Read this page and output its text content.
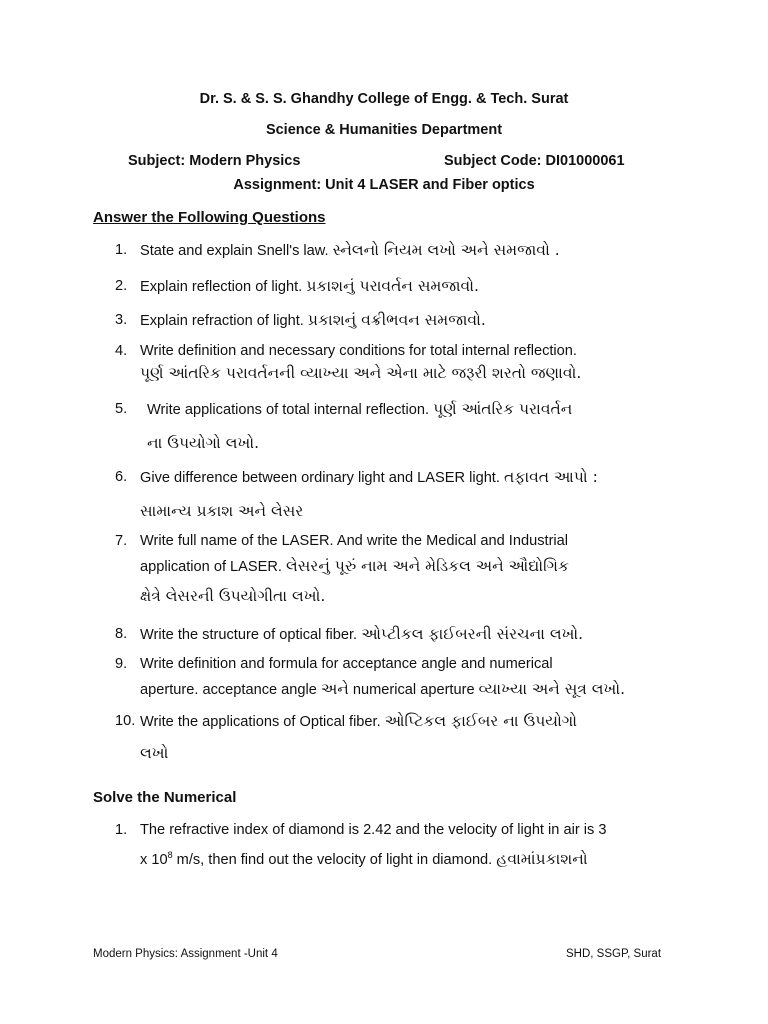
Dr. S. & S. S. Ghandhy College of Engg. & Tech. Surat
Science & Humanities Department
Subject: Modern Physics	Subject Code: DI01000061
Assignment: Unit 4 LASER and Fiber optics
Answer the Following Questions
1. State and explain Snell's law. સ્નેલનો નિયમ લખો અને સમજાવો .
2. Explain reflection of light. પ્રકાશનું પરાવર્તન સમજાવો.
3. Explain refraction of light. પ્રકાશનું વક્રીભવન સમજાવો.
4. Write definition and necessary conditions for total internal reflection.
પૂર્ણ આંતરિક પરાવર્તનની વ્યાખ્યા અને એના માટે જરૂરી શરતો જણાવો.
5. Write applications of total internal reflection. પૂર્ણ આંતરિક પરાવર્તન
ના ઉપયોગો લખો.
6. Give difference between ordinary light and LASER light. તફાવત આપો :
સામાન્ય પ્રકાશ અને લેસર
7. Write full name of the LASER. And write the Medical and Industrial
application of LASER. લેસરનું પૂરું નામ અને મેડિકલ અને ઔદ્યોગિક
ક્ષેત્રે લેસરની ઉપયોગીતા લખો.
8. Write the structure of optical fiber. ઓપ્ટીકલ ફાઈબરની સંરચના લખો.
9. Write definition and formula for acceptance angle and numerical
aperture. acceptance angle અને numerical aperture વ્યાખ્યા અને સૂત્ર લખો.
10. Write the applications of Optical fiber. ઓપ્ટિકલ ફાઈબર ના ઉપયોગો
લખો
Solve the Numerical
1. The refractive index of diamond is 2.42 and the velocity of light in air is 3
x $10^8$ m/s, then find out the velocity of light in diamond. હવામાંપ્રકાશનો
Modern Physics: Assignment -Unit 4	SHD, SSGP, Surat
